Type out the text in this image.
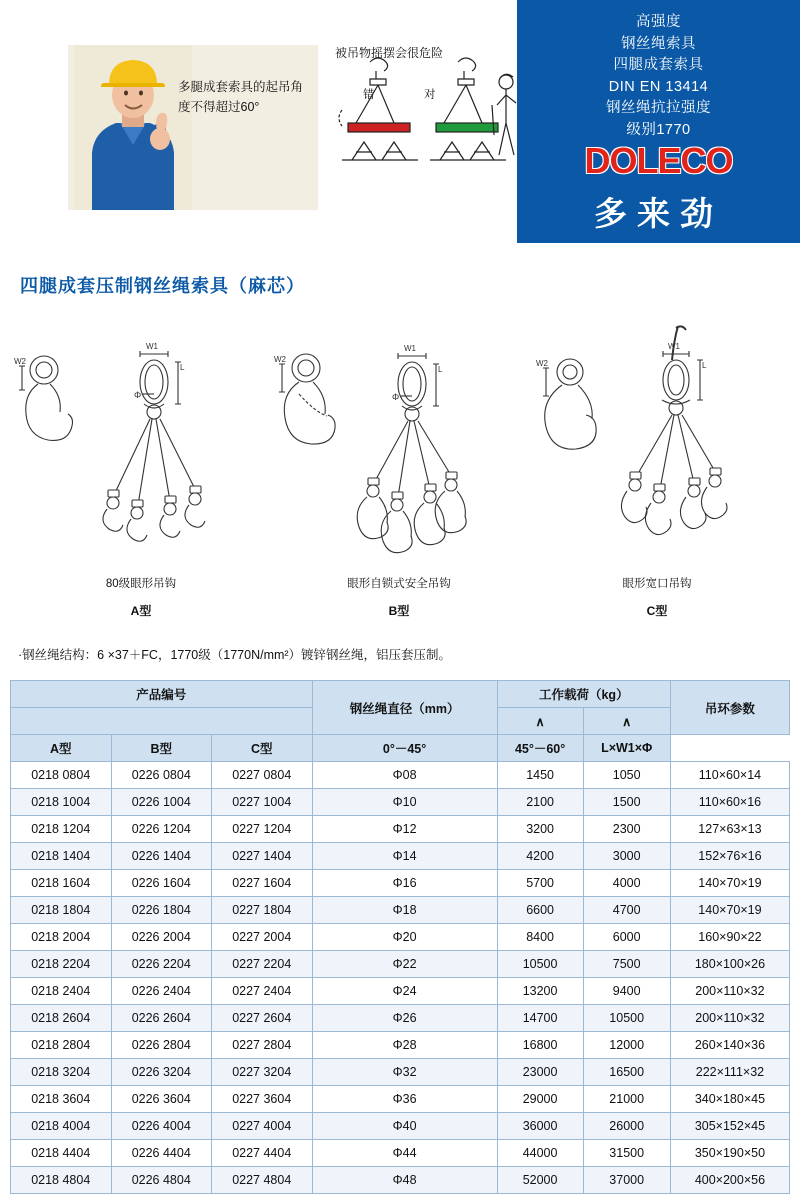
多腿成套索具的起吊角度不得超过60°
被吊物摇摆会很危险
错	对
高强度
钢丝绳索具
四腿成套索具
DIN EN 13414
钢丝绳抗拉强度
级别1770
DOLECO
多来劲
四腿成套压制钢丝绳索具（麻芯）
W1
L
Φ
W2
80级眼形吊钩
A型
W1
L
Φ
W2
眼形自锁式安全吊钩
B型
W1
L
W2
眼形宽口吊钩
C型
·钢丝绳结构：6 ×37＋FC，1770级（1770N/mm²）镀锌钢丝绳，铝压套压制。
产品编号			钢丝绳直径（mm）	工作载荷（kg）		吊环参数
				∧	∧	
A型	B型	C型	0°－45°	45°－60°	L×W1×Φ	
0218 0804	0226 0804	0227 0804	Φ08	1450	1050	110×60×14
0218 1004	0226 1004	0227 1004	Φ10	2100	1500	110×60×16
0218 1204	0226 1204	0227 1204	Φ12	3200	2300	127×63×13
0218 1404	0226 1404	0227 1404	Φ14	4200	3000	152×76×16
0218 1604	0226 1604	0227 1604	Φ16	5700	4000	140×70×19
0218 1804	0226 1804	0227 1804	Φ18	6600	4700	140×70×19
0218 2004	0226 2004	0227 2004	Φ20	8400	6000	160×90×22
0218 2204	0226 2204	0227 2204	Φ22	10500	7500	180×100×26
0218 2404	0226 2404	0227 2404	Φ24	13200	9400	200×110×32
0218 2604	0226 2604	0227 2604	Φ26	14700	10500	200×110×32
0218 2804	0226 2804	0227 2804	Φ28	16800	12000	260×140×36
0218 3204	0226 3204	0227 3204	Φ32	23000	16500	222×111×32
0218 3604	0226 3604	0227 3604	Φ36	29000	21000	340×180×45
0218 4004	0226 4004	0227 4004	Φ40	36000	26000	305×152×45
0218 4404	0226 4404	0227 4404	Φ44	44000	31500	350×190×50
0218 4804	0226 4804	0227 4804	Φ48	52000	37000	400×200×56
